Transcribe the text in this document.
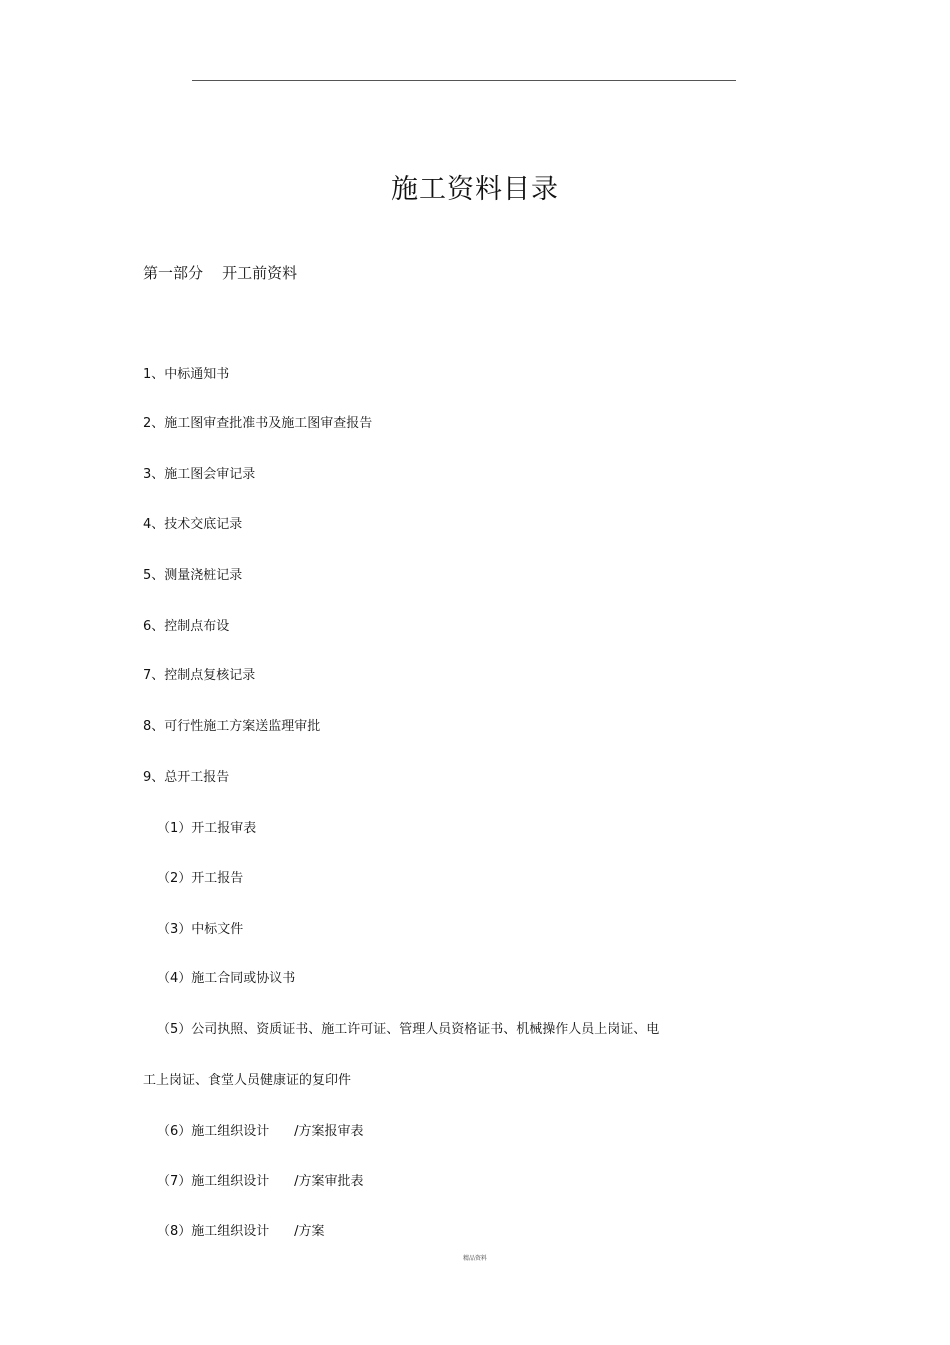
施工资料目录
第一部分    开工前资料
1、中标通知书
2、施工图审查批准书及施工图审查报告
3、施工图会审记录
4、技术交底记录
5、测量浇桩记录
6、控制点布设
7、控制点复核记录
8、可行性施工方案送监理审批
9、总开工报告
（1）开工报审表
（2）开工报告
（3）中标文件
（4）施工合同或协议书
（5）公司执照、资质证书、施工许可证、管理人员资格证书、机械操作人员上岗证、电
工上岗证、食堂人员健康证的复印件
（6）施工组织设计      /方案报审表
（7）施工组织设计      /方案审批表
（8）施工组织设计      /方案
精品资料
